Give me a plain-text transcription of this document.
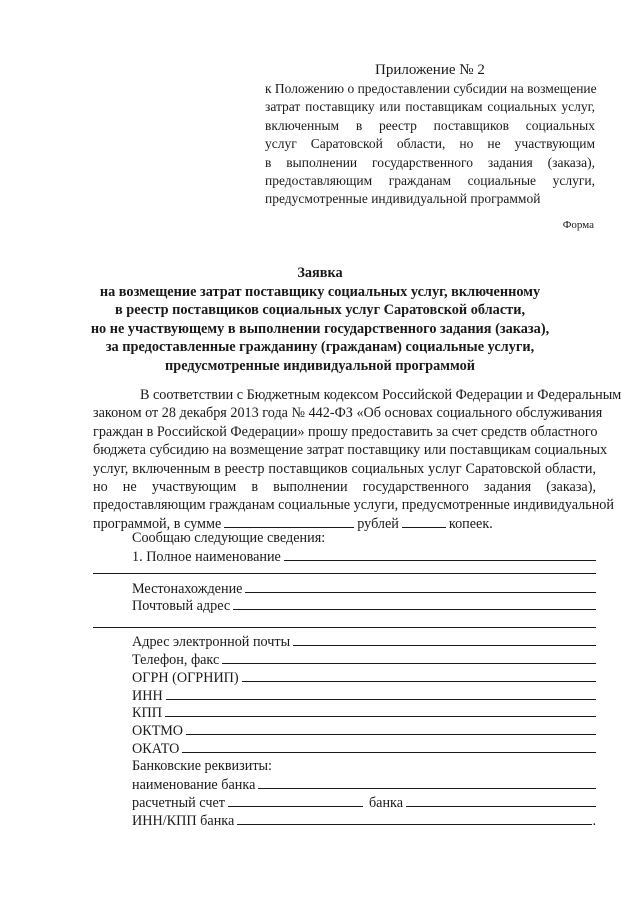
Приложение № 2
к Положению о предоставлении субсидии на возмещение
затрат поставщику или поставщикам социальных услуг,
включенным в реестр поставщиков социальных
услуг Саратовской области, но не участвующим
в выполнении государственного задания (заказа),
предоставляющим гражданам социальные услуги,
предусмотренные индивидуальной программой
Форма
Заявка
на возмещение затрат поставщику социальных услуг, включенному
в реестр поставщиков социальных услуг Саратовской области,
но не участвующему в выполнении государственного задания (заказа),
за предоставленные гражданину (гражданам) социальные услуги,
предусмотренные индивидуальной программой
В соответствии с Бюджетным кодексом Российской Федерации и Федеральным
законом от 28 декабря 2013 года № 442-ФЗ «Об основах социального обслуживания
граждан в Российской Федерации» прошу предоставить за счет средств областного
бюджета субсидию на возмещение затрат поставщику или поставщикам социальных
услуг, включенным в реестр поставщиков социальных услуг Саратовской области,
но не участвующим в выполнении государственного задания (заказа),
предоставляющим гражданам социальные услуги, предусмотренные индивидуальной
программой, в сумме	рублей	копеек.
Сообщаю следующие сведения:
1. Полное наименование
Местонахождение
Почтовый адрес
Адрес электронной почты
Телефон, факс
ОГРН (ОГРНИП)
ИНН
КПП
ОКТМО
ОКАТО
Банковские реквизиты:
наименование банка
расчетный счет	банка
ИНН/КПП банка	.
